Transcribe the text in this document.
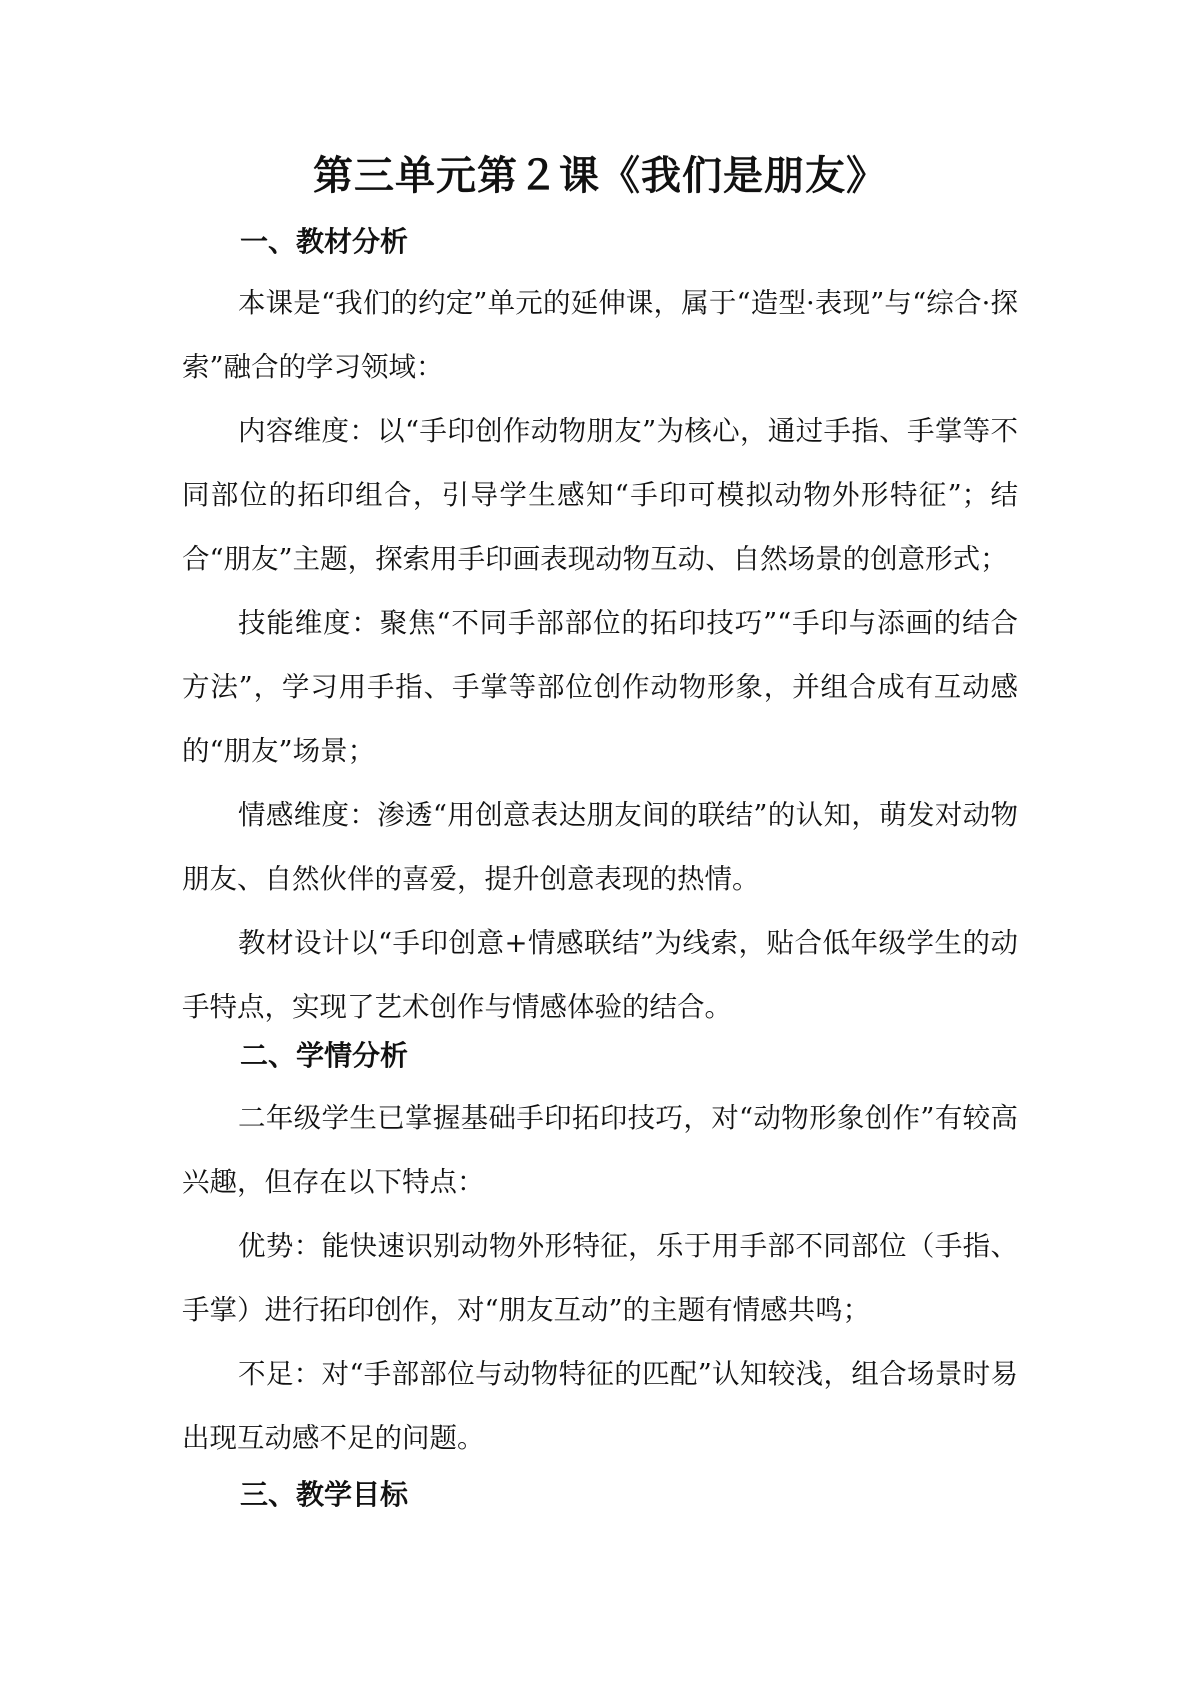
第三单元第２课《我们是朋友》
一、教材分析

本课是“我们的约定”单元的延伸课，属于“造型·表现”与“综合·探索”融合的学习领域：

内容维度：以“手印创作动物朋友”为核心，通过手指、手掌等不同部位的拓印组合，引导学生感知“手印可模拟动物外形特征”；结合“朋友”主题，探索用手印画表现动物互动、自然场景的创意形式；

技能维度：聚焦“不同手部部位的拓印技巧”“手印与添画的结合方法”，学习用手指、手掌等部位创作动物形象，并组合成有互动感的“朋友”场景；

情感维度：渗透“用创意表达朋友间的联结”的认知，萌发对动物朋友、自然伙伴的喜爱，提升创意表现的热情。

教材设计以“手印创意+情感联结”为线索，贴合低年级学生的动手特点，实现了艺术创作与情感体验的结合。

二、学情分析

二年级学生已掌握基础手印拓印技巧，对“动物形象创作”有较高兴趣，但存在以下特点：

优势：能快速识别动物外形特征，乐于用手部不同部位（手指、手掌）进行拓印创作，对“朋友互动”的主题有情感共鸣；

不足：对“手部部位与动物特征的匹配”认知较浅，组合场景时易出现互动感不足的问题。

三、教学目标
